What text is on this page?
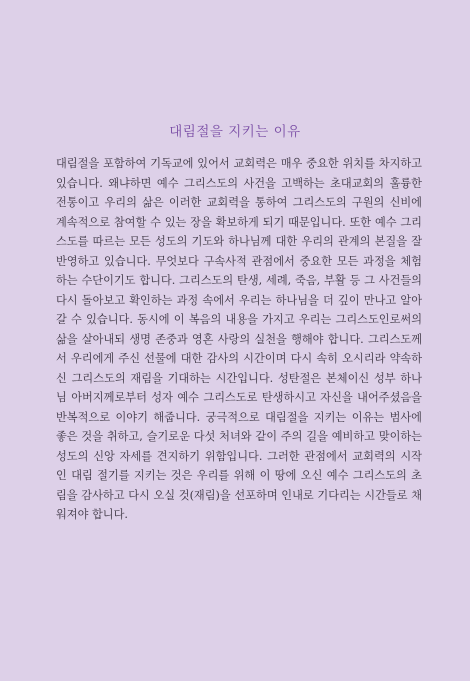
대림절을 지키는 이유

대림절을 포함하여 기독교에 있어서 교회력은 매우 중요한 위치를 차지하고 있습니다. 왜냐하면 예수 그리스도의 사건을 고백하는 초대교회의 훌륭한 전통이고 우리의 삶은 이러한 교회력을 통하여 그리스도의 구원의 신비에 계속적으로 참여할 수 있는 장을 확보하게 되기 때문입니다. 또한 예수 그리스도를 따르는 모든 성도의 기도와 하나님께 대한 우리의 관계의 본질을 잘 반영하고 있습니다. 무엇보다 구속사적 관점에서 중요한 모든 과정을 체험하는 수단이기도 합니다. 그리스도의 탄생, 세례, 죽음, 부활 등 그 사건들의 다시 돌아보고 확인하는 과정 속에서 우리는 하나님을 더 깊이 만나고 알아 갈 수 있습니다. 동시에 이 복음의 내용을 가지고 우리는 그리스도인로써의 삶을 살아내되 생명 존중과 영혼 사랑의 실천을 행해야 합니다. 그리스도께서 우리에게 주신 선물에 대한 감사의 시간이며 다시 속히 오시리라 약속하신 그리스도의 재림을 기대하는 시간입니다. 성탄절은 본체이신 성부 하나님 아버지께로부터 성자 예수 그리스도로 탄생하시고 자신을 내어주셨음을 반복적으로 이야기 해줍니다. 궁극적으로 대림절을 지키는 이유는 범사에 좋은 것을 취하고, 슬기로운 다섯 처녀와 같이 주의 길을 예비하고 맞이하는 성도의 신앙 자세를 견지하기 위함입니다. 그러한 관점에서 교회력의 시작인 대림 절기를 지키는 것은 우리를 위해 이 땅에 오신 예수 그리스도의 초림을 감사하고 다시 오실 것(재림)을 선포하며 인내로 기다리는 시간들로 채워져야 합니다.
